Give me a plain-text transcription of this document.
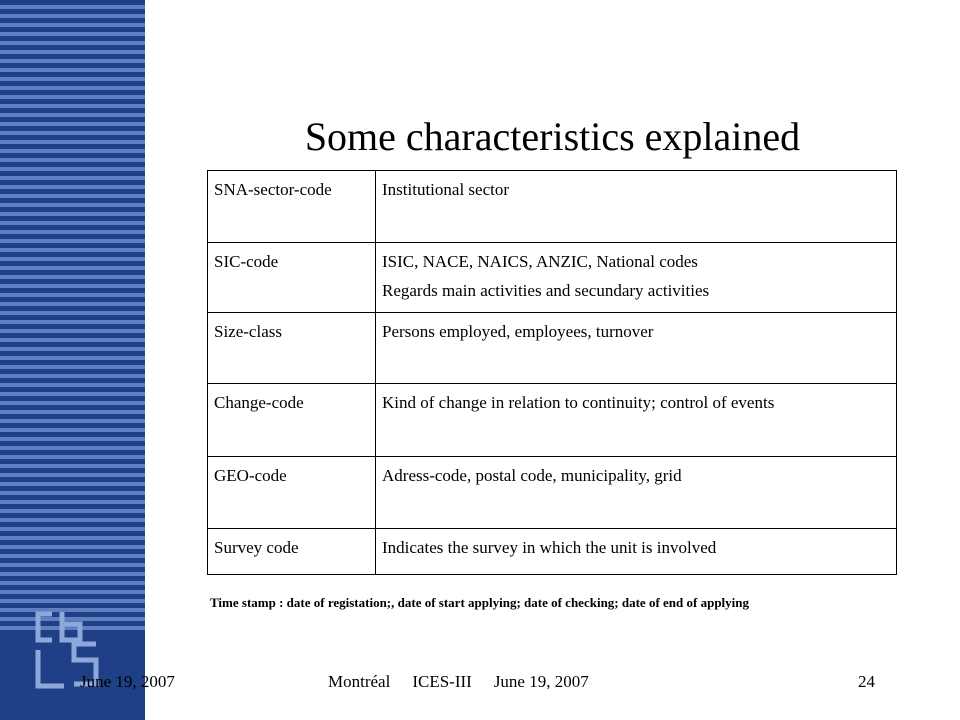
Some characteristics explained
SNA-sector-code	Institutional sector

SIC-code	ISIC, NACE, NAICS, ANZIC, National codes
Regards main activities and secundary activities

Size-class	Persons employed, employees, turnover

Change-code	Kind of change in relation to continuity; control of events

GEO-code	Adress-code, postal code, municipality, grid

Survey code	Indicates the survey in which the unit is involved
Time stamp : date of registation;, date of start applying; date of checking; date of end of applying
June 19, 2007	Montréal ICES-III June 19, 2007	24
